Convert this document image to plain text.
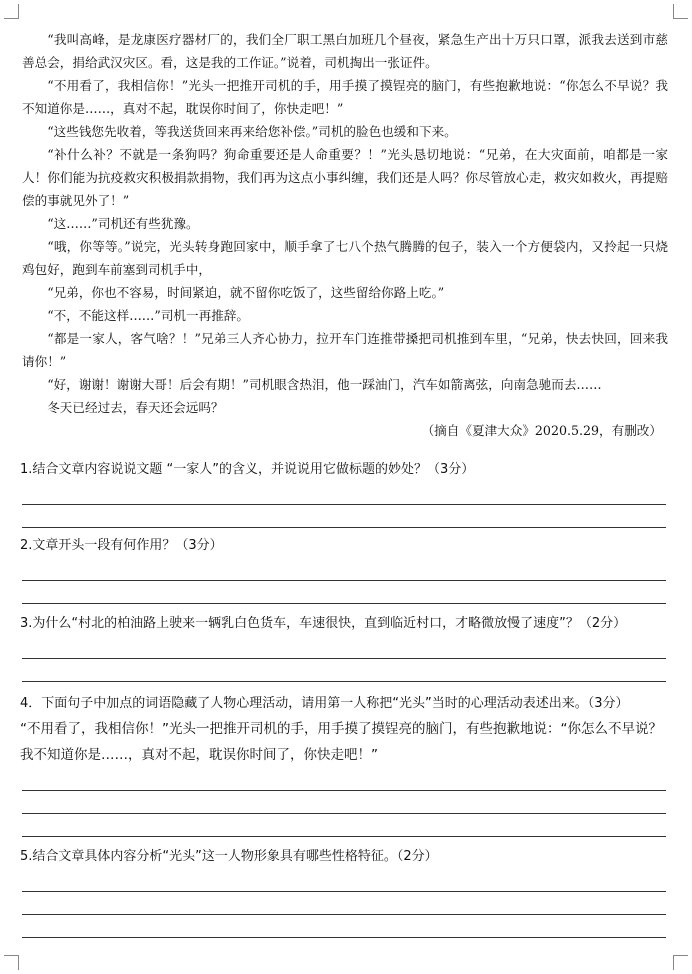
“我叫高峰，是龙康医疗器材厂的，我们全厂职工黑白加班几个昼夜，紧急生产出十万只口罩，派我去送到市慈善总会，捐给武汉灾区。看，这是我的工作证。”说着，司机掏出一张证件。

“不用看了，我相信你！”光头一把推开司机的手，用手摸了摸锃亮的脑门，有些抱歉地说：“你怎么不早说？我不知道你是……，真对不起，耽误你时间了，你快走吧！”

“这些钱您先收着，等我送货回来再来给您补偿。”司机的脸色也缓和下来。

“补什么补？不就是一条狗吗？狗命重要还是人命重要？！”光头恳切地说：“兄弟，在大灾面前，咱都是一家人！你们能为抗疫救灾积极捐款捐物，我们再为这点小事纠缠，我们还是人吗？你尽管放心走，救灾如救火，再提赔偿的事就见外了！”

“这……”司机还有些犹豫。

“哦，你等等。”说完，光头转身跑回家中，顺手拿了七八个热气腾腾的包子，装入一个方便袋内，又拎起一只烧鸡包好，跑到车前塞到司机手中，

“兄弟，你也不容易，时间紧迫，就不留你吃饭了，这些留给你路上吃。”

“不，不能这样……”司机一再推辞。

“都是一家人，客气啥？！”兄弟三人齐心协力，拉开车门连推带搡把司机推到车里，“兄弟，快去快回，回来我请你！”

“好，谢谢！谢谢大哥！后会有期！”司机眼含热泪，他一踩油门，汽车如箭离弦，向南急驰而去……

冬天已经过去，春天还会远吗？

（摘自《夏津大众》2020.5.29，有删改）

1.结合文章内容说说文题 “一家人”的含义，并说说用它做标题的妙处？（3分）

2.文章开头一段有何作用？（3分）

3.为什么“村北的柏油路上驶来一辆乳白色货车，车速很快，直到临近村口，才略微放慢了速度”？（2分）

4．下面句子中加点的词语隐藏了人物心理活动，请用第一人称把“光头”当时的心理活动表述出来。（3分）

“不用看了，我相信你！”光头一把推开司机的手，用手摸了摸锃亮的脑门，有些抱歉地说：“你怎么不早说？我不知道你是……，真对不起，耽误你时间了，你快走吧！”

5.结合文章具体内容分析“光头”这一人物形象具有哪些性格特征。（2分）
